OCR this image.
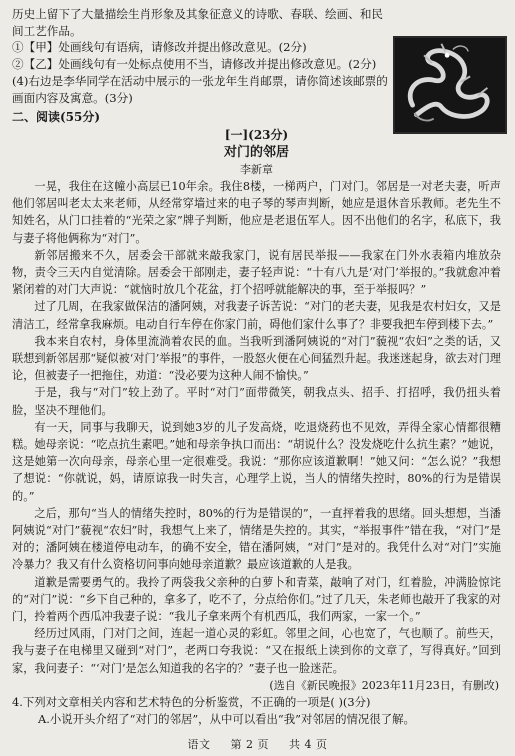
历史上留下了大量描绘生肖形象及其象征意义的诗歌、春联、绘画、和民间工艺作品。

①【甲】处画线句有语病，请修改并提出修改意见。(2分)

②【乙】处画线句有一处标点使用不当，请修改并提出修改意见。(2分)

(4)右边是李华同学在活动中展示的一张龙年生肖邮票，请你简述该邮票的画面内容及寓意。(3分)

二、阅读(55分)

[一](23分)

对门的邻居

李新章

一晃，我住在这幢小高层已10年余。我住8楼，一梯两户，门对门。邻居是一对老夫妻，听声他们邻居叫老太太来老师，从经常穿墙过来的电子琴的琴声判断，她应是退休音乐教师。老先生不知姓名，从门口挂着的“光荣之家”牌子判断，他应是老退伍军人。因不出他们的名字，私底下，我与妻子将他俩称为“对门”。

新邻居搬来不久，居委会干部就来敲我家门，说有居民举报——我家在门外水表箱内堆放杂物，责令三天内自觉清除。居委会干部刚走，妻子轻声说：“十有八九是‘对门’举报的。”我就愈冲着紧闭着的对门大声说：“就恼时放几个花盆，打个招呼就能解决的事，至于举报吗？”

过了几周，在我家做保洁的潘阿姨，对我妻子诉苦说：“对门的老夫妻，见我是农村妇女，又是清洁工，经常拿我麻烦。电动自行车停在你家门前，碍他们家什么事了？非要我把车停到楼下去。”

我本来自农村，身体里流淌着农民的血。当我听到潘阿姨说的“对门”藐视“农妇”之类的话，又联想到新邻居那“疑似被‘对门’举报”的事件，一股怒火便在心间猛烈升起。我迷迷起身，欲去对门理论，但被妻子一把拖住，劝道：“没必要为这种人闹不愉快。”

于是，我与“对门”较上劲了。平时“对门”面带微笑，朝我点头、招手、打招呼，我仍扭头着脸，坚决不理他们。

有一天，同事与我聊天，说到她3岁的儿子发高烧，吃退烧药也不见效，弄得全家心情都很糟糕。她母亲说：“吃点抗生素吧。”她和母亲争执口而出：“胡说什么？没发烧吃什么抗生素？”她说，这是她第一次向母亲，母亲心里一定很难受。我说：“那你应该道歉啊！”她又问：“怎么说？”我想了想说：“你就说，妈，请原谅我一时失言，心理学上说，当人的情绪失控时，80%的行为是错误的。”

之后，那句“当人的情绪失控时，80%的行为是错误的”，一直抨着我的思绪。回头想想，当潘阿姨说“对门”藐视“农妇”时，我想气上来了，情绪是失控的。其实，“举报事件”错在我，“对门”是对的；潘阿姨在楼道停电动车，的确不安全，错在潘阿姨，“对门”是对的。我凭什么对“对门”实施冷暴力？我又有什么资格切问事向她母亲道歉？最应该道歉的人是我。

道歉是需要勇气的。我拎了两袋我父亲种的白萝卜和青菜，敲响了对门，红着脸，冲满脸惊诧的“对门”说：“乡下自己种的，拿多了，吃不了，分点给你们。”过了几天，朱老师也敲开了我家的对门，拎着两个西瓜冲我妻子说：“我儿子拿来两个有机西瓜，我们两家，一家一个。”

经历过风雨，门对门之间，连起一道心灵的彩虹。邻里之间，心也宽了，气也顺了。前些天，我与妻子在电梯里又碰到“对门”，老两口夸我说：“又在报纸上读到你的文章了，写得真好。”回到家，我问妻子：“‘对门’是怎么知道我的名字的？”妻子也一脸迷茫。

(选自《新民晚报》2023年11月23日，有删改)

4.下列对文章相关内容和艺术特色的分析鉴赏，不正确的一项是( )(3分)

A.小说开头介绍了“对门的邻居”，从中可以看出“我”对邻居的情况很了解。

语文 第 2 页 共 4 页
